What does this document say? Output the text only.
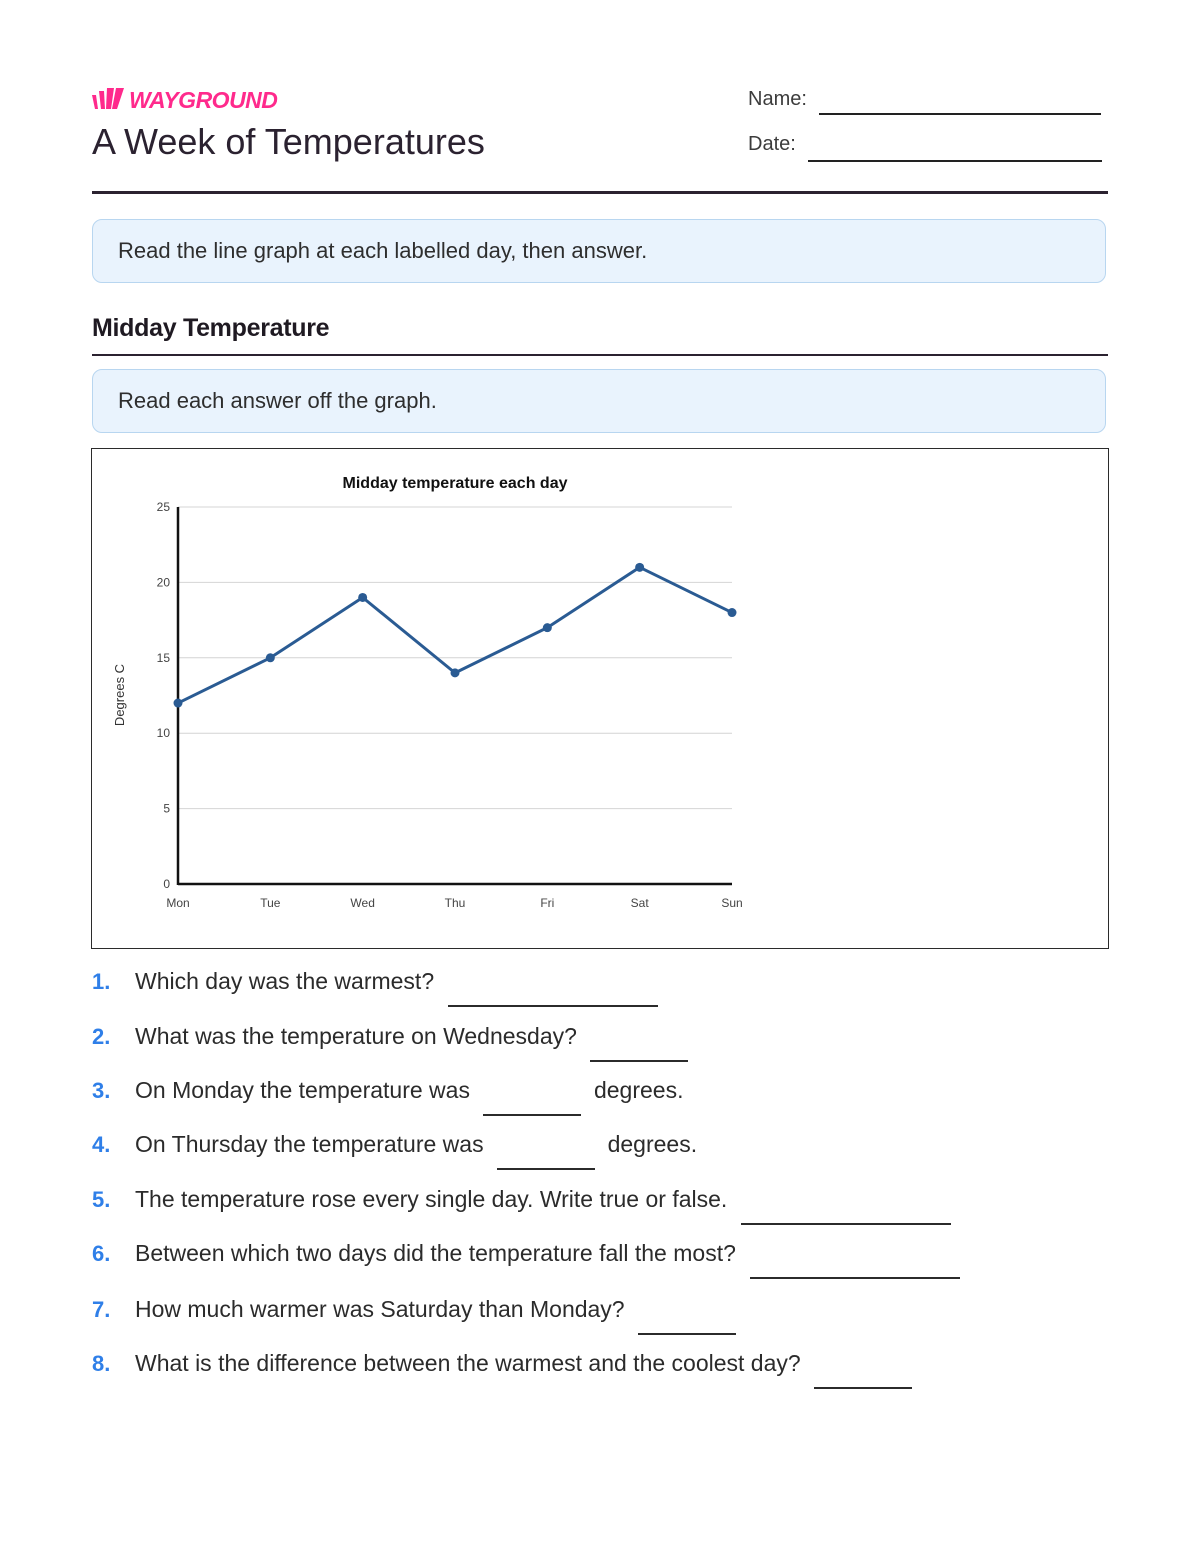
WAYGROUND
A Week of Temperatures
Name:
Date:
Read the line graph at each labelled day, then answer.
Midday Temperature
Read each answer off the graph.
Midday temperature each day
Degrees C
0
5
10
15
20
25
Mon	Tue	Wed	Thu	Fri	Sat	Sun
1.	Which day was the warmest?
2.	What was the temperature on Wednesday?
3.	On Monday the temperature was	degrees.
4.	On Thursday the temperature was	degrees.
5.	The temperature rose every single day. Write true or false.
6.	Between which two days did the temperature fall the most?
7.	How much warmer was Saturday than Monday?
8.	What is the difference between the warmest and the coolest day?
